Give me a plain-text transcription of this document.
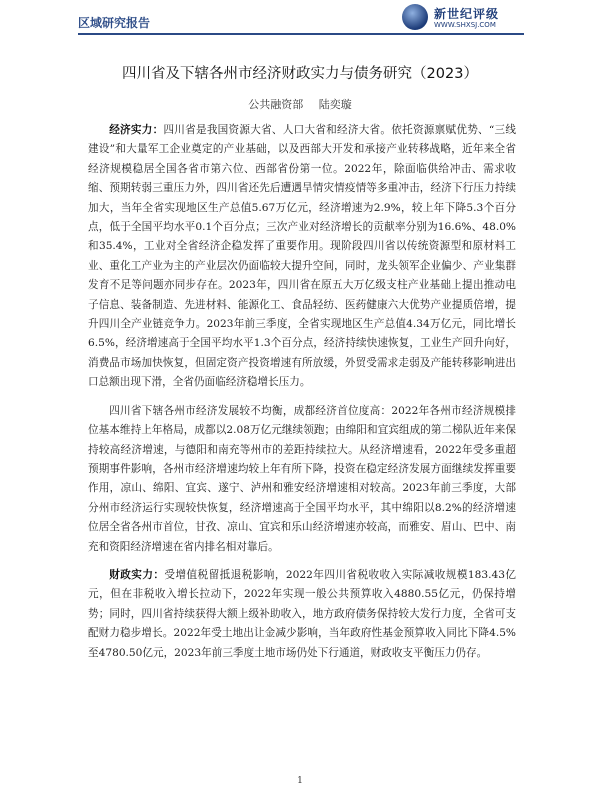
区域研究报告
新世纪评级
WWW.SHXSJ.COM
四川省及下辖各州市经济财政实力与债务研究（2023）
公共融资部 陆奕璇

经济实力：四川省是我国资源大省、人口大省和经济大省。依托资源禀赋优势、“三线建设”和大量军工企业奠定的产业基础，以及西部大开发和承接产业转移战略，近年来全省经济规模稳居全国各省市第六位、西部省份第一位。2022年，除面临供给冲击、需求收缩、预期转弱三重压力外，四川省还先后遭遇旱情灾情疫情等多重冲击，经济下行压力持续加大，当年全省实现地区生产总值5.67万亿元，经济增速为2.9%，较上年下降5.3个百分点，低于全国平均水平0.1个百分点；三次产业对经济增长的贡献率分别为16.6%、48.0%和35.4%，工业对全省经济企稳发挥了重要作用。现阶段四川省以传统资源型和原材料工业、重化工产业为主的产业层次仍面临较大提升空间，同时，龙头领军企业偏少、产业集群发育不足等问题亦同步存在。2023年，四川省在原五大万亿级支柱产业基础上提出推动电子信息、装备制造、先进材料、能源化工、食品轻纺、医药健康六大优势产业提质倍增，提升四川全产业链竞争力。2023年前三季度，全省实现地区生产总值4.34万亿元，同比增长6.5%，经济增速高于全国平均水平1.3个百分点，经济持续快速恢复，工业生产回升向好，消费品市场加快恢复，但固定资产投资增速有所放缓，外贸受需求走弱及产能转移影响进出口总额出现下滑，全省仍面临经济稳增长压力。

四川省下辖各州市经济发展较不均衡，成都经济首位度高：2022年各州市经济规模排位基本维持上年格局，成都以2.08万亿元继续领跑；由绵阳和宜宾组成的第二梯队近年来保持较高经济增速，与德阳和南充等州市的差距持续拉大。从经济增速看，2022年受多重超预期事件影响，各州市经济增速均较上年有所下降，投资在稳定经济发展方面继续发挥重要作用，凉山、绵阳、宜宾、遂宁、泸州和雅安经济增速相对较高。2023年前三季度，大部分州市经济运行实现较快恢复，经济增速高于全国平均水平，其中绵阳以8.2%的经济增速位居全省各州市首位，甘孜、凉山、宜宾和乐山经济增速亦较高，而雅安、眉山、巴中、南充和资阳经济增速在省内排名相对靠后。

财政实力：受增值税留抵退税影响，2022年四川省税收收入实际减收规模183.43亿元，但在非税收入增长拉动下，2022年实现一般公共预算收入4880.55亿元，仍保持增势；同时，四川省持续获得大额上级补助收入，地方政府债务保持较大发行力度，全省可支配财力稳步增长。2022年受土地出让金减少影响，当年政府性基金预算收入同比下降4.5%至4780.50亿元，2023年前三季度土地市场仍处下行通道，财政收支平衡压力仍存。

1
